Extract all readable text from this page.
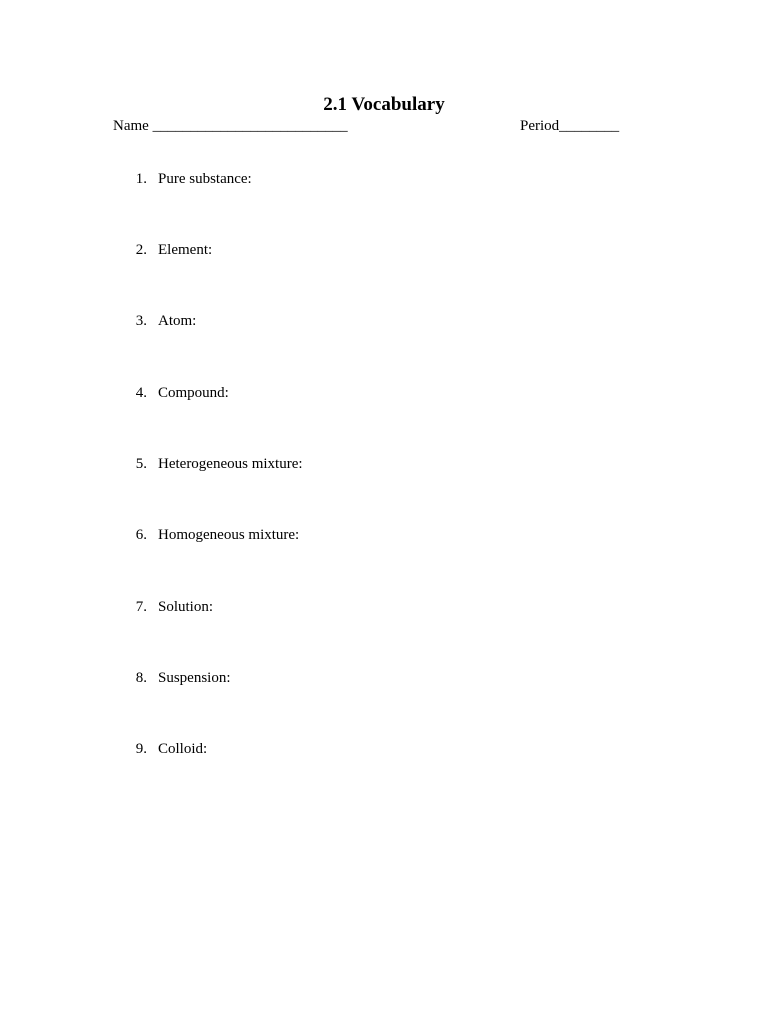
2.1 Vocabulary
Name __________________________	Period________
1. Pure substance:
2. Element:
3. Atom:
4. Compound:
5. Heterogeneous mixture:
6. Homogeneous mixture:
7. Solution:
8. Suspension:
9. Colloid:
